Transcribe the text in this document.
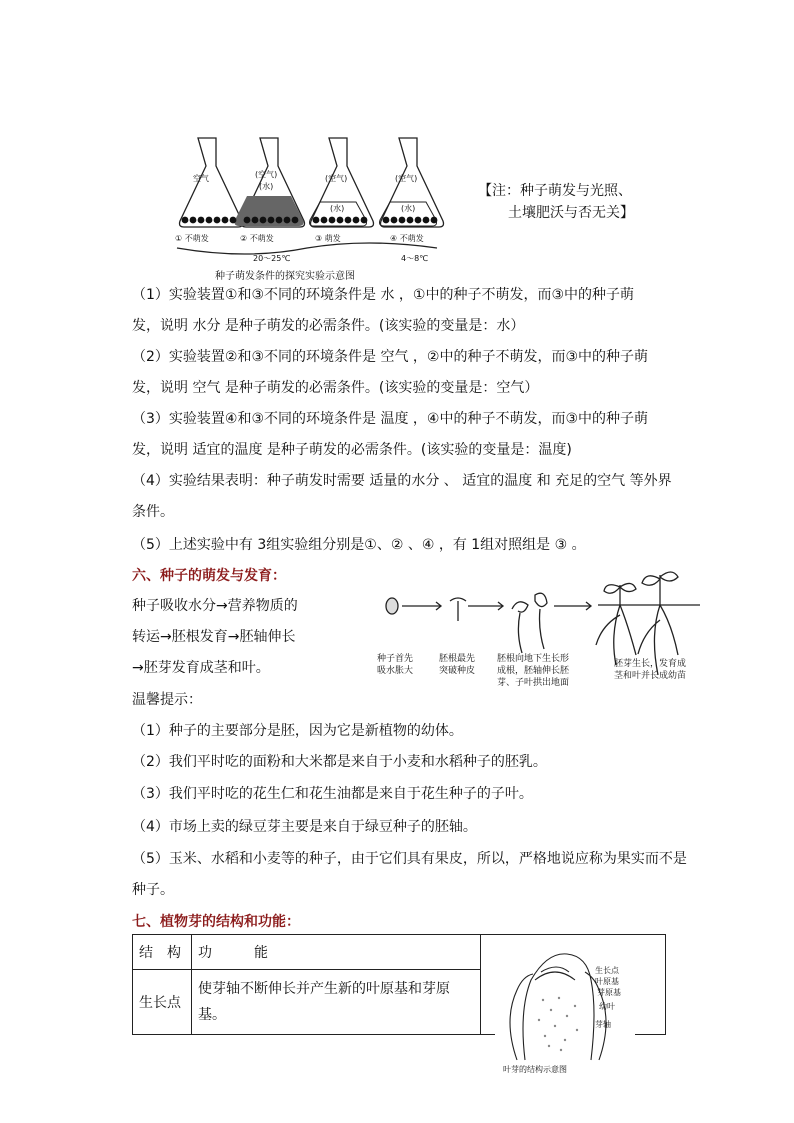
空气	(空气)
(水)
(空气)
(水)
(空气)
(水)
① 不萌发	② 不萌发	③ 萌发	④ 不萌发
20～25℃	4～8℃
种子萌发条件的探究实验示意图
【注：种子萌发与光照、
土壤肥沃与否无关】
（1）实验装置①和③不同的环境条件是 水 ，①中的种子不萌发，而③中的种子萌
发，说明 水分 是种子萌发的必需条件。(该实验的变量是：水）
（2）实验装置②和③不同的环境条件是 空气 ，②中的种子不萌发，而③中的种子萌
发，说明 空气 是种子萌发的必需条件。(该实验的变量是：空气）
（3）实验装置④和③不同的环境条件是 温度 ，④中的种子不萌发，而③中的种子萌
发，说明 适宜的温度 是种子萌发的必需条件。(该实验的变量是：温度)
（4）实验结果表明：种子萌发时需要 适量的水分 、 适宜的温度 和 充足的空气 等外界
条件。
（5）上述实验中有 3组实验组分别是①、② 、④ ，有 1组对照组是 ③ 。
六、种子的萌发与发育：
种子吸收水分→营养物质的
转运→胚根发育→胚轴伸长
→胚芽发育成茎和叶。
种子首先
吸水胀大
胚根最先
突破种皮
胚根向地下生长形
成根，胚轴伸长胚
芽、子叶拱出地面
胚芽生长，发育成
茎和叶并长成幼苗
温馨提示：
（1）种子的主要部分是胚，因为它是新植物的幼体。
（2）我们平时吃的面粉和大米都是来自于小麦和水稻种子的胚乳。
（3）我们平时吃的花生仁和花生油都是来自于花生种子的子叶。
（4）市场上卖的绿豆芽主要是来自于绿豆种子的胚轴。
（5）玉米、水稻和小麦等的种子，由于它们具有果皮，所以，严格地说应称为果实而不是
种子。
七、植物芽的结构和功能：
结　构	功　　　能	
生长点	使芽轴不断伸长并产生新的叶原基和芽原
基。	
生长点
叶原基
芽原基
幼叶
芽轴
叶芽的结构示意图
